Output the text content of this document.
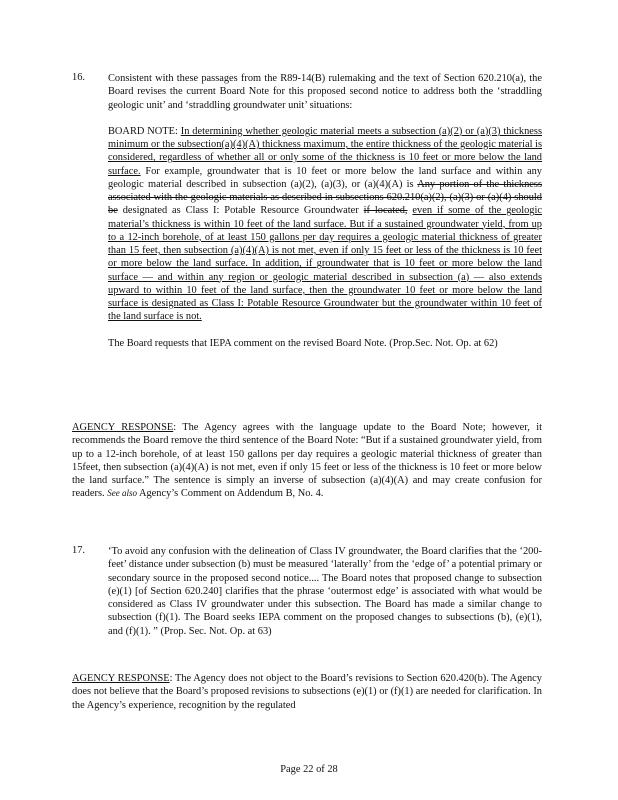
16. Consistent with these passages from the R89-14(B) rulemaking and the text of Section 620.210(a), the Board revises the current Board Note for this proposed second notice to address both the ‘straddling geologic unit’ and ‘straddling groundwater unit’ situations:

BOARD NOTE: In determining whether geologic material meets a subsection (a)(2) or (a)(3) thickness minimum or the subsection(a)(4)(A) thickness maximum, the entire thickness of the geologic material is considered, regardless of whether all or only some of the thickness is 10 feet or more below the land surface. For example, groundwater that is 10 feet or more below the land surface and within any geologic material described in subsection (a)(2), (a)(3), or (a)(4)(A) is Any portion of the thickness associated with the geologic materials as described in subsections 620.210(a)(2), (a)(3) or (a)(4) should be designated as Class I: Potable Resource Groundwater if located, even if some of the geologic material’s thickness is within 10 feet of the land surface. But if a sustained groundwater yield, from up to a 12-inch borehole, of at least 150 gallons per day requires a geologic material thickness of greater than 15 feet, then subsection (a)(4)(A) is not met, even if only 15 feet or less of the thickness is 10 feet or more below the land surface. In addition, if groundwater that is 10 feet or more below the land surface — and within any region or geologic material described in subsection (a) — also extends upward to within 10 feet of the land surface, then the groundwater 10 feet or more below the land surface is designated as Class I: Potable Resource Groundwater but the groundwater within 10 feet of the land surface is not.

The Board requests that IEPA comment on the revised Board Note. (Prop.Sec. Not. Op. at 62)

AGENCY RESPONSE: The Agency agrees with the language update to the Board Note; however, it recommends the Board remove the third sentence of the Board Note: “But if a sustained groundwater yield, from up to a 12-inch borehole, of at least 150 gallons per day requires a geologic material thickness of greater than 15feet, then subsection (a)(4)(A) is not met, even if only 15 feet or less of the thickness is 10 feet or more below the land surface.” The sentence is simply an inverse of subsection (a)(4)(A) and may create confusion for readers. See also Agency’s Comment on Addendum B, No. 4.
17. ‘To avoid any confusion with the delineation of Class IV groundwater, the Board clarifies that the ‘200-feet’ distance under subsection (b) must be measured ‘laterally’ from the ‘edge of’ a potential primary or secondary source in the proposed second notice.... The Board notes that proposed change to subsection (e)(1) [of Section 620.240] clarifies that the phrase ‘outermost edge’ is associated with what would be considered as Class IV groundwater under this subsection. The Board has made a similar change to subsection (f)(1). The Board seeks IEPA comment on the proposed changes to subsections (b), (e)(1), and (f)(1). ” (Prop. Sec. Not. Op. at 63)

AGENCY RESPONSE: The Agency does not object to the Board’s revisions to Section 620.420(b). The Agency does not believe that the Board’s proposed revisions to subsections (e)(1) or (f)(1) are needed for clarification. In the Agency’s experience, recognition by the regulated
Page 22 of 28
